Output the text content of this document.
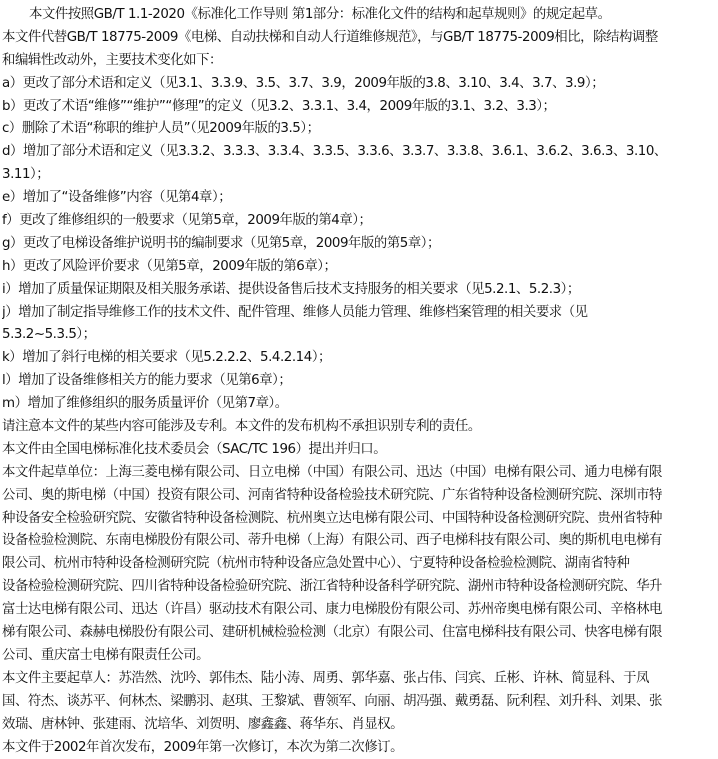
本文件按照GB/T 1.1-2020《标准化工作导则 第1部分：标准化文件的结构和起草规则》的规定起草。
本文件代替GB/T 18775-2009《电梯、自动扶梯和自动人行道维修规范》，与GB/T 18775-2009相比，除结构调整
和编辑性改动外，主要技术变化如下：
a）更改了部分术语和定义（见3.1、3.3.9、3.5、3.7、3.9，2009年版的3.8、3.10、3.4、3.7、3.9）；
b）更改了术语“维修”“维护”“修理”的定义（见3.2、3.3.1、3.4，2009年版的3.1、3.2、3.3）；
c）删除了术语“称职的维护人员”（见2009年版的3.5）；
d）增加了部分术语和定义（见3.3.2、3.3.3、3.3.4、3.3.5、3.3.6、3.3.7、3.3.8、3.6.1、3.6.2、3.6.3、3.10、
3.11）；
e）增加了“设备维修”内容（见第4章）；
f）更改了维修组织的一般要求（见第5章，2009年版的第4章）；
g）更改了电梯设备维护说明书的编制要求（见第5章，2009年版的第5章）；
h）更改了风险评价要求（见第5章，2009年版的第6章）；
i）增加了质量保证期限及相关服务承诺、提供设备售后技术支持服务的相关要求（见5.2.1、5.2.3）；
j）增加了制定指导维修工作的技术文件、配件管理、维修人员能力管理、维修档案管理的相关要求（见
5.3.2~5.3.5）；
k）增加了斜行电梯的相关要求（见5.2.2.2、5.4.2.14）；
l）增加了设备维修相关方的能力要求（见第6章）；
m）增加了维修组织的服务质量评价（见第7章）。
请注意本文件的某些内容可能涉及专利。本文件的发布机构不承担识别专利的责任。
本文件由全国电梯标准化技术委员会（SAC/TC 196）提出并归口。
本文件起草单位：上海三菱电梯有限公司、日立电梯（中国）有限公司、迅达（中国）电梯有限公司、通力电梯有限
公司、奥的斯电梯（中国）投资有限公司、河南省特种设备检验技术研究院、广东省特种设备检测研究院、深圳市特
种设备安全检验研究院、安徽省特种设备检测院、杭州奥立达电梯有限公司、中国特种设备检测研究院、贵州省特种
设备检验检测院、东南电梯股份有限公司、蒂升电梯（上海）有限公司、西子电梯科技有限公司、奥的斯机电电梯有
限公司、杭州市特种设备检测研究院（杭州市特种设备应急处置中心）、宁夏特种设备检验检测院、湖南省特种
设备检验检测研究院、四川省特种设备检验研究院、浙江省特种设备科学研究院、湖州市特种设备检测研究院、华升
富士达电梯有限公司、迅达（许昌）驱动技术有限公司、康力电梯股份有限公司、苏州帝奥电梯有限公司、辛格林电
梯有限公司、森赫电梯股份有限公司、建研机械检验检测（北京）有限公司、住富电梯科技有限公司、快客电梯有限
公司、重庆富士电梯有限责任公司。
本文件主要起草人：苏浩然、沈吟、郭伟杰、陆小涛、周勇、郭华嘉、张占伟、闫宾、丘彬、许林、简显科、于凤
国、符杰、谈苏平、何林杰、梁鹏羽、赵琪、王黎斌、曹领军、向丽、胡冯强、戴勇磊、阮利程、刘升科、刘果、张
效瑞、唐林钟、张建雨、沈培华、刘贺明、廖鑫鑫、蒋华东、肖显权。
本文件于2002年首次发布，2009年第一次修订，本次为第二次修订。
